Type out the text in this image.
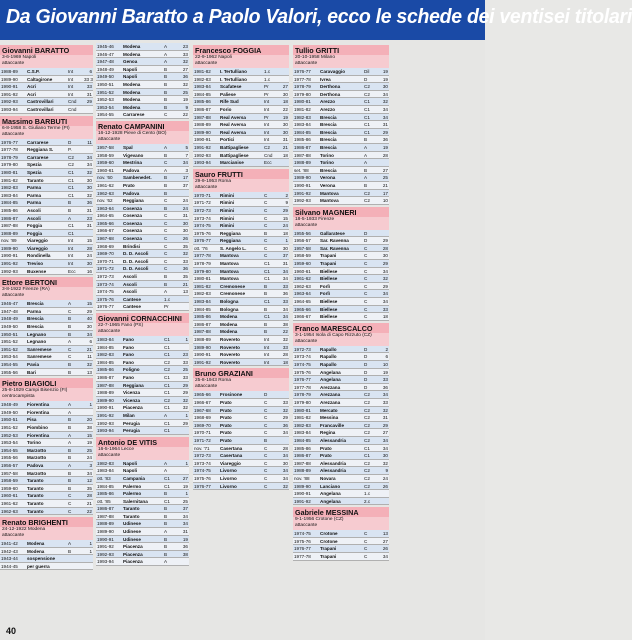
Da Giovanni Baratto a Paolo Valori, ecco le schede dei ventisei titolari
Giovanni BARATTO
3-6-1969 Napoli
attaccante
1988-89	C.S.P.	Int	6
1989-90	Caltagirone	Int	33 3
1990-91	Acri	Int	33
1991-92	Acri	Int	31
1992-93	Castrovillari	Cnd	29
1993-94	Castrovillari	Cnd
Massimo BARBUTI
6-8-1958 S. Giuliano Terme (PI)
attaccante
1976-77	Carrarese	D	11
1977-78	Reggiana S.	P.
1978-79	Carrarese	C2	34
1979-80	Spezia	C2	34
1980-81	Spezia	C1	32
1981-82	Taranto	C1	30
1982-83	Parma	C1	30
1983-84	Parma	C1	32
1984-85	Parma	B	36
1985-86	Ascoli	B	31
1986-87	Ascoli	A	23
1987-88	Foggia	C1	31
1988-89	Foggia	C1
nov. '89	Viareggio	Int	15
1989-90	Viareggio	Int	28
1990-91	Rondinella	Int	24
1991-92	Treviso	Int	30
1992-93	Buxense	Ecc	16
Ettore BERTONI
3-8-1922 Firenze (RA)
attaccante
1946-47	Brescia	A	15
1947-48	Parma	C	29
1948-49	Brescia	B	40
1949-50	Brescia	B	30
1950-51	Legnano	B	34
1951-52	Legnano	A	6
1951-52	Sanremese	C	21
1953-54	Sanremese	C	11
1954-55	Pavia	B	32
1955-56	Bari	B	13
Pietro BIAGIOLI
25-8-1929 Campi Bisenzio (FI)
centrocampista
1948-49	Fiorentina	A	1
1949-50	Fiorentina	A
1950-51	Pisa	B	20
1951-52	Piombino	B	38
1952-53	Fiorentina	A	15
1953-54	Torino	A	19
1954-55	Marzotto	B	25
1955-56	Marzotto	B	24
1956-57	Padova	A	3
1957-58	Marzotto	B	34
1958-59	Taranto	B	12
1959-60	Taranto	B	35
1960-61	Taranto	C	28
1961-62	Taranto	C	21
1962-63	Taranto	C	22
Renato BRIGHENTI
24-12-1922 Modena
attaccante
1941-42	Modena	A	1
1942-43	Modena	B	1
1943-44	sospensione
1944-45	per guerra
1945-46	Modena	A	23
1946-47	Modena	A	33
1947-48	Genoa	A	32
1948-49	Napoli	B	27
1949-50	Napoli	B	36
1950-51	Modena	B	32
1951-52	Modena	B	25
1952-53	Modena	B	19
1953-54	Modena	B	9
1954-55	Carrarese	C	22
Renato CAMPANINI
16-12-1928 Pieve di Cento (BO)
attaccante
1957-58	Spal	A	5
1958-59	Vigevano	B	7
1959-60	Mestrina	C	34
1960-61	Padova	A	3
nov. '60	Sambenedet.	B	17
1961-62	Prato	B	37
1962-63	Padova	B
nov. '62	Reggiana	C	24
1963-64	Cosenza	B	24
1964-65	Cosenza	C	31
1965-66	Cosenza	C	30
1966-67	Cosenza	C	30
1967-68	Cosenza	C	26
1968-69	Brindisi	C	35
1969-70	D. D. Ascoli	C	32
1970-71	D. D. Ascoli	C	33
1971-72	D. D. Ascoli	C	36
1972-73	Ascoli	B	35
1973-74	Ascoli	B	21
1974-75	Ascoli	A	13
1975-76	Cantese	1.c
1976-77	Cantese	Pr
Giovanni CORNACCHINI
22-7-1965 Fano (PS)
attaccante
1983-84	Fano	C1	1
1984-85	Fano	C1
1982-83	Fano	C1	23
1984-85	Fano	C2	33
1985-86	Foligno	C2	25
1986-87	Fano	C1	33
1987-88	Reggiana	C1	29
1988-89	Vicenza	C1	29
1989-90	Vicenza	C2	32
1990-91	Piacenza	C1	32
1991-92	Milan	A	1
1992-93	Perugia	C1	29
1993-94	Perugia	C1
Antonio DE VITIS
16-5-1964 Lecce
attaccante
1982-83	Napoli	A	1
1983-84	Napoli	A
ott. '83	Campania	C1	27
1984-85	Palermo	C1	19
1985-86	Palermo	B	1
ott. '85	Salernitana	C1	25
1986-87	Taranto	B	37
1987-88	Taranto	B	34
1988-89	Udinese	B	34
1989-90	Udinese	A	31
1990-91	Udinese	B	19
1991-92	Piacenza	B	36
1992-93	Piacenza	B	38
1993-94	Piacenza	A
Francesco FOGGIA
22-9-1962 Napoli
attaccante
1981-82	I. Tertulliano	1.c
1982-83	I. Tertulliano	1.c
1983-84	Scafatese	Pr	27
1984-85	Paliese	Pr	30
1985-86	Rife Sud	Int	18
1986-87	Forio	Int	22
1987-88	Real Aversa	Pr	19
1988-89	Real Aversa	Int	30
1989-90	Real Aversa	Int	30
1990-91	Portici	Int	31
1991-92	Battipagliese	C2	21
1992-93	Battipagliese	Cnd	18
1993-94	Marcianise	Ecc
Sauro FRUTTI
29-9-1953 Roma
attaccante
1970-71	Rimini	C	2
1971-72	Rimini	C	9
1972-73	Rimini	C	29
1973-74	Rimini	C	15
1974-75	Rimini	C	24
1975-76	Reggiana	B	18
1976-77	Reggiana	C	1
ott. '76	S. Angelo L.	C	30
1977-78	Mantova	C	37
1978-79	Mantova	C1	31
1979-80	Mantova	C1	34
1980-81	Mantova	C1	34
1981-82	Cremonese	B	33
1982-83	Cremonese	B	36
1983-84	Bologna	C1	33
1984-85	Bologna	B	34
1985-86	Modena	C1	34
1986-87	Modena	B	38
1987-88	Modena	B	22
1988-89	Rovereto	Int	32
1989-90	Rovereto	Int	33
1990-91	Rovereto	Int	28
1991-92	Rovereto	Int	18
Bruno GRAZIANI
25-8-1943 Roma
attaccante
1965-66	Frosinone	D
1966-67	Prato	C	33
1967-68	Prato	C	32
1968-69	Prato	C	29
1969-70	Prato	C	36
1970-71	Prato	C	34
1971-72	Prato	B
nov. '71	Casertana	C	28
1972-73	Casertana	C	34
1973-74	Viareggio	C	30
1974-75	Livorno	C	34
1975-76	Livorno	C	34
1976-77	Livorno	C	32
Tullio GRITTI
20-10-1958 Milano
attaccante
1976-77	Caravaggio	Dil	19
1977-78	Ivrea	D	19
1978-79	Derthona	C2	30
1979-80	Derthona	C2	34
1980-81	Arezzo	C1	32
1981-82	Arezzo	C1	34
1982-83	Brescia	C1	34
1983-84	Brescia	C1	31
1984-85	Brescia	C1	29
1985-86	Brescia	B	36
1986-87	Brescia	A	19
1987-88	Torino	A	28
1988-89	Torino	A
set. '88	Brescia	B	27
1989-90	Verona	A	25
1990-91	Verona	B	21
1991-92	Mantova	C2	17
1992-93	Mantova	C2	10
Silvano MAGNERI
18-5-1933 Firenze
attaccante
1955-56	Gallaratese	D
1956-57	Sar. Ravenna	D	29
1957-58	Sar. Ravenna	C	28
1958-59	Trapani	C	30
1959-60	Trapani	C	29
1960-61	Biellese	C	34
1961-62	Biellese	C	32
1962-63	Forlì	C	29
1963-64	Forlì	C	34
1964-65	Biellese	C	34
1965-66	Biellese	C	33
1966-67	Biellese	C	18
Franco MARESCALCO
3-1-1954 Isola di Capo Rizzuto (CZ)
attaccante
1972-73	Rapallo	D	2
1973-74	Rapallo	D	6
1974-75	Rapallo	D	10
1975-76	Angelana	D	19
1976-77	Angelana	D	33
1977-78	Arezzana	D	36
1978-79	Arezzana	C2	34
1979-80	Arezzana	C2	33
1980-81	Mercato	C2	32
1981-82	Messina	C2	31
1982-83	Francaville	C2	29
1983-84	Regina	C2	27
1984-85	Alessandria	C2	34
1985-86	Prato	C1	34
1986-87	Prato	C1	30
1987-88	Alessandria	C2	32
1988-89	Alessandria	C2	9
nov. '88	Novara	C2	24
1989-90	Lanciano	C2	26
1990-91	Angelana	1.c
1991-92	Angelana	2.c
Gabriele MESSINA
9-1-1956 Crotone (CZ)
attaccante
1974-75	Crotone	C	13
1975-76	Crotone	C	27
1976-77	Trapani	C	26
1977-78	Trapani	C	34
40
